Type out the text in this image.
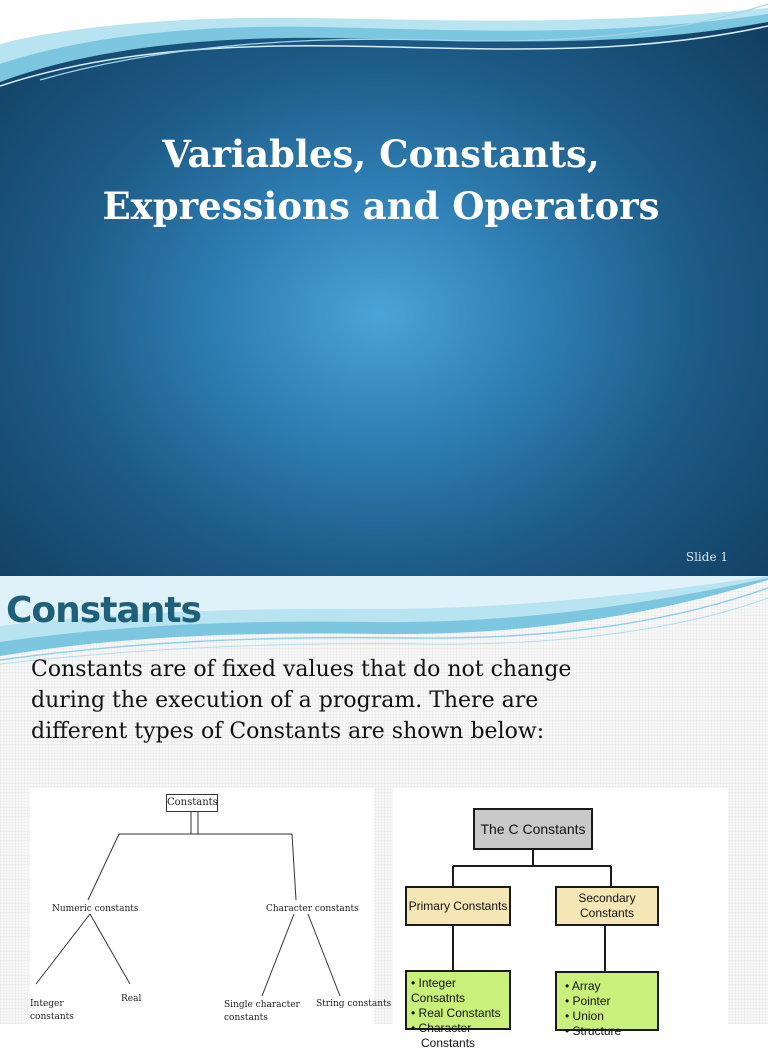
Variables, Constants,
Expressions and Operators
Slide 1
Constants
Constants are of fixed values that do not change
during the execution of a program. There are
different types of Constants are shown below:
Constants
Numeric constants	Character constants
Integer
constants
Real
Single character
constants
String constants
The C Constants
Primary Constants
Secondary
Constants
• Integer Consatnts
• Real Constants
• Character
Constants
• Array
• Pointer
• Union
• Structure
